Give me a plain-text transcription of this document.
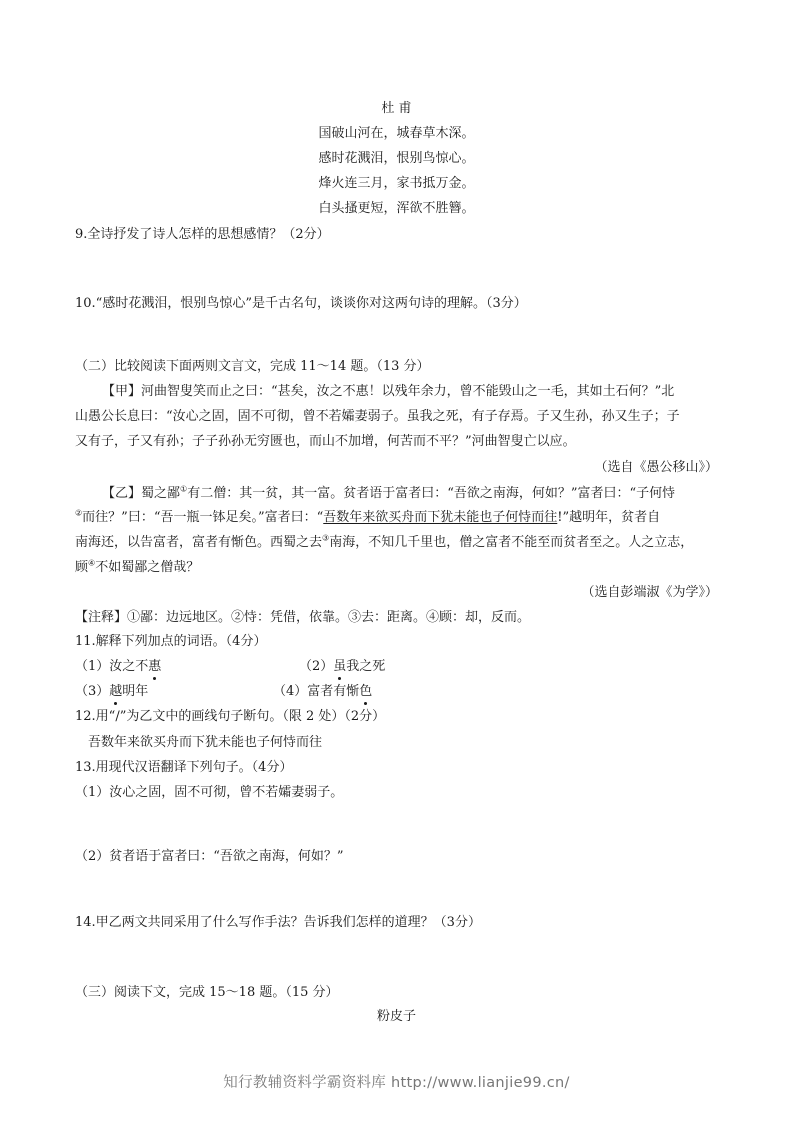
杜 甫
国破山河在，城春草木深。
感时花溅泪，恨别鸟惊心。
烽火连三月，家书抵万金。
白头搔更短，浑欲不胜簪。
9.全诗抒发了诗人怎样的思想感情？（2分）
10.“感时花溅泪，恨别鸟惊心”是千古名句，谈谈你对这两句诗的理解。（3分）
（二）比较阅读下面两则文言文，完成 11～14 题。（13 分）
【甲】河曲智叟笑而止之曰：“甚矣，汝之不惠！以残年余力，曾不能毁山之一毛，其如土石何？”北
山愚公长息曰：“汝心之固，固不可彻，曾不若孀妻弱子。虽我之死，有子存焉。子又生孙，孙又生子；子
又有子，子又有孙；子子孙孙无穷匮也，而山不加增，何苦而不平？”河曲智叟亡以应。
（选自《愚公移山》）
【乙】蜀之鄙①有二僧：其一贫，其一富。贫者语于富者曰：“吾欲之南海，何如？”富者曰：“子何恃
②而往？”曰：“吾一瓶一钵足矣。”富者曰：“吾数年来欲买舟而下犹未能也子何恃而往!”越明年，贫者自
南海还，以告富者，富者有惭色。西蜀之去③南海，不知几千里也，僧之富者不能至而贫者至之。人之立志，
顾④不如蜀鄙之僧哉？
（选自彭端淑《为学》）
【注释】①鄙：边远地区。②恃：凭借，依靠。③去：距离。④顾：却，反而。
11.解释下列加点的词语。（4分）
（1）汝之不惠	（2）虽我之死
（3）越明年	（4）富者有惭色
12.用“/”为乙文中的画线句子断句。（限 2 处）（2分）
吾数年来欲买舟而下犹未能也子何恃而往
13.用现代汉语翻译下列句子。（4分）
（1）汝心之固，固不可彻，曾不若孀妻弱子。
（2）贫者语于富者曰：“吾欲之南海，何如？”
14.甲乙两文共同采用了什么写作手法？告诉我们怎样的道理？（3分）
（三）阅读下文，完成 15～18 题。（15 分）
粉皮子
知行教辅资料学霸资料库 http://www.lianjie99.cn/
